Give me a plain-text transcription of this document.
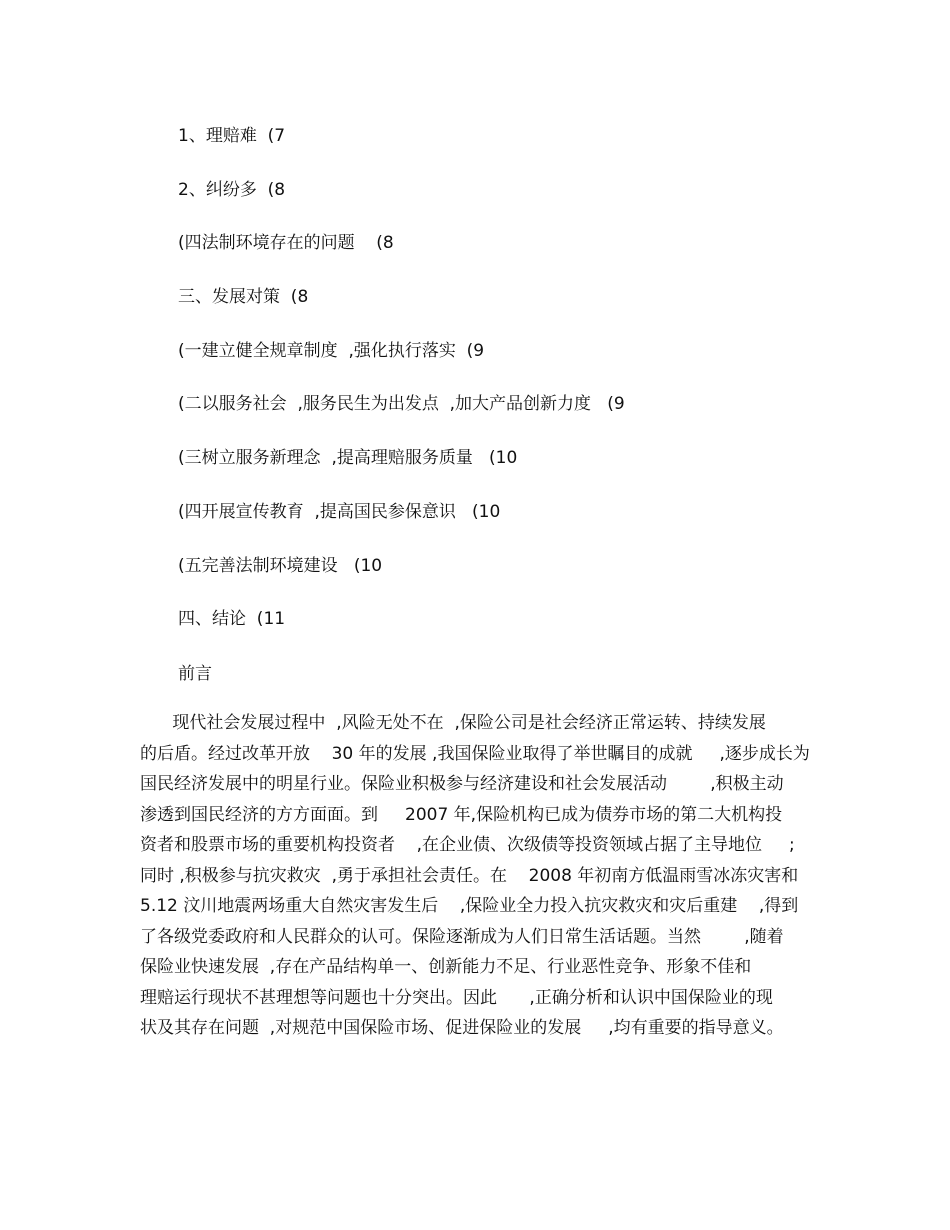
1、理赔难  (7
2、纠纷多  (8
(四法制环境存在的问题    (8
三、发展对策  (8
(一建立健全规章制度  ,强化执行落实  (9
(二以服务社会  ,服务民生为出发点  ,加大产品创新力度   (9
(三树立服务新理念  ,提高理赔服务质量   (10
(四开展宣传教育  ,提高国民参保意识   (10
(五完善法制环境建设   (10
四、结论  (11
前言
现代社会发展过程中  ,风险无处不在  ,保险公司是社会经济正常运转、持续发展
的后盾。经过改革开放    30 年的发展 ,我国保险业取得了举世瞩目的成就     ,逐步成长为
国民经济发展中的明星行业。保险业积极参与经济建设和社会发展活动        ,积极主动
渗透到国民经济的方方面面。到     2007 年,保险机构已成为债券市场的第二大机构投
资者和股票市场的重要机构投资者    ,在企业债、次级债等投资领域占据了主导地位     ;
同时 ,积极参与抗灾救灾  ,勇于承担社会责任。在    2008 年初南方低温雨雪冰冻灾害和
5.12 汶川地震两场重大自然灾害发生后    ,保险业全力投入抗灾救灾和灾后重建    ,得到
了各级党委政府和人民群众的认可。保险逐渐成为人们日常生活话题。当然        ,随着
保险业快速发展  ,存在产品结构单一、创新能力不足、行业恶性竞争、形象不佳和
理赔运行现状不甚理想等问题也十分突出。因此      ,正确分析和认识中国保险业的现
状及其存在问题  ,对规范中国保险市场、促进保险业的发展     ,均有重要的指导意义。
